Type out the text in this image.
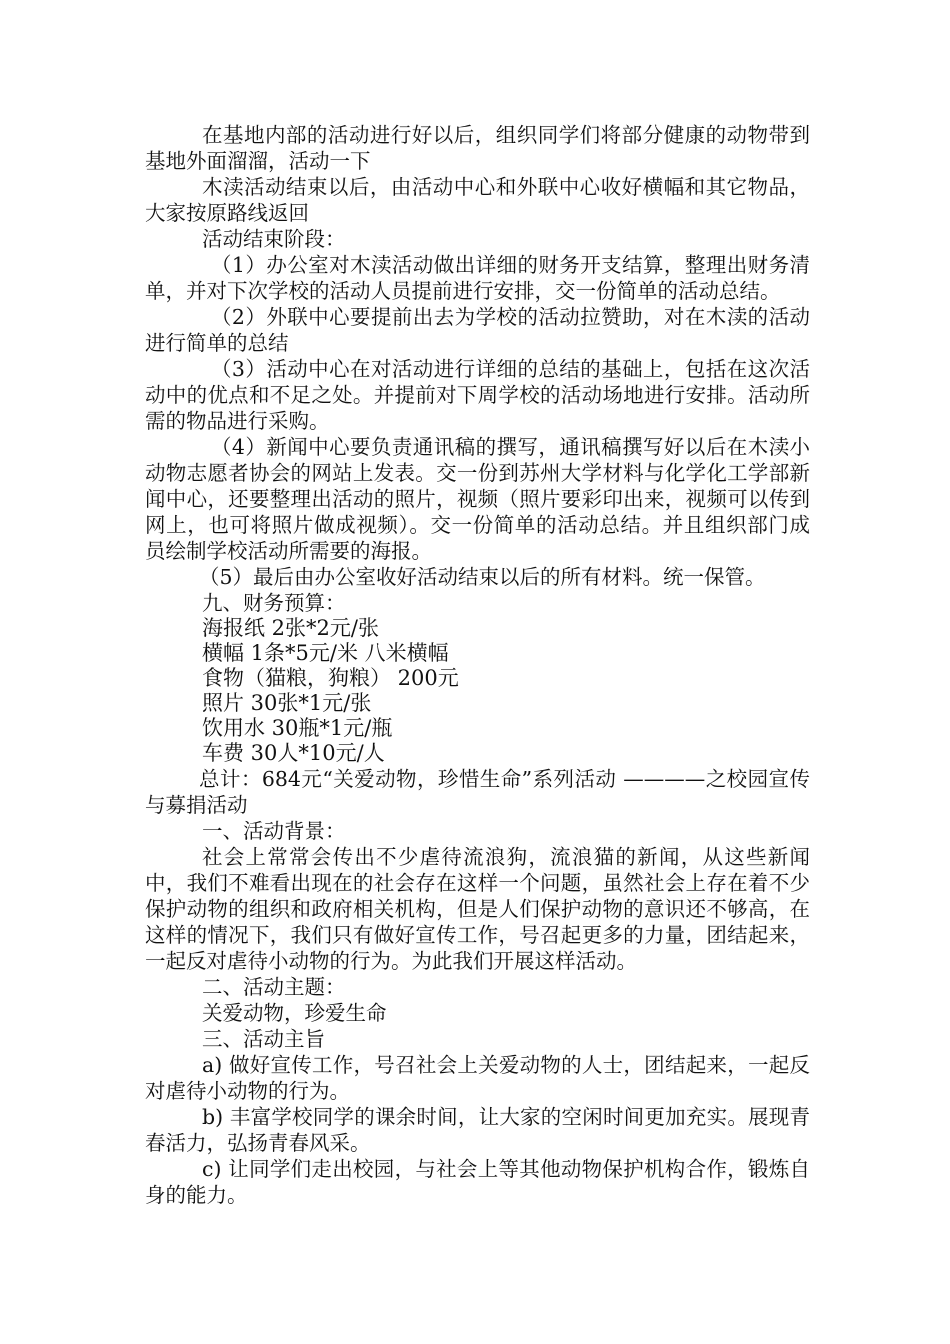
在基地内部的活动进行好以后，组织同学们将部分健康的动物带到基地外面溜溜，活动一下

木渎活动结束以后，由活动中心和外联中心收好横幅和其它物品，大家按原路线返回

活动结束阶段：

（1）办公室对木渎活动做出详细的财务开支结算，整理出财务清单，并对下次学校的活动人员提前进行安排，交一份简单的活动总结。

（2）外联中心要提前出去为学校的活动拉赞助，对在木渎的活动进行简单的总结

（3）活动中心在对活动进行详细的总结的基础上，包括在这次活动中的优点和不足之处。并提前对下周学校的活动场地进行安排。活动所需的物品进行采购。

（4）新闻中心要负责通讯稿的撰写，通讯稿撰写好以后在木渎小动物志愿者协会的网站上发表。交一份到苏州大学材料与化学化工学部新闻中心，还要整理出活动的照片，视频（照片要彩印出来，视频可以传到网上，也可将照片做成视频）。交一份简单的活动总结。并且组织部门成员绘制学校活动所需要的海报。

（5）最后由办公室收好活动结束以后的所有材料。统一保管。

九、财务预算：

海报纸 2张*2元/张

横幅 1条*5元/米 八米横幅

食物（猫粮，狗粮） 200元

照片 30张*1元/张

饮用水 30瓶*1元/瓶

车费 30人*10元/人

总计：684元“关爱动物，珍惜生命”系列活动 ————之校园宣传与募捐活动

一、活动背景：

社会上常常会传出不少虐待流浪狗，流浪猫的新闻，从这些新闻中，我们不难看出现在的社会存在这样一个问题，虽然社会上存在着不少保护动物的组织和政府相关机构，但是人们保护动物的意识还不够高，在这样的情况下，我们只有做好宣传工作，号召起更多的力量，团结起来，一起反对虐待小动物的行为。为此我们开展这样活动。

二、活动主题：

关爱动物，珍爱生命

三、活动主旨

a) 做好宣传工作，号召社会上关爱动物的人士，团结起来，一起反对虐待小动物的行为。

b) 丰富学校同学的课余时间，让大家的空闲时间更加充实。展现青春活力，弘扬青春风采。

c) 让同学们走出校园，与社会上等其他动物保护机构合作，锻炼自身的能力。
